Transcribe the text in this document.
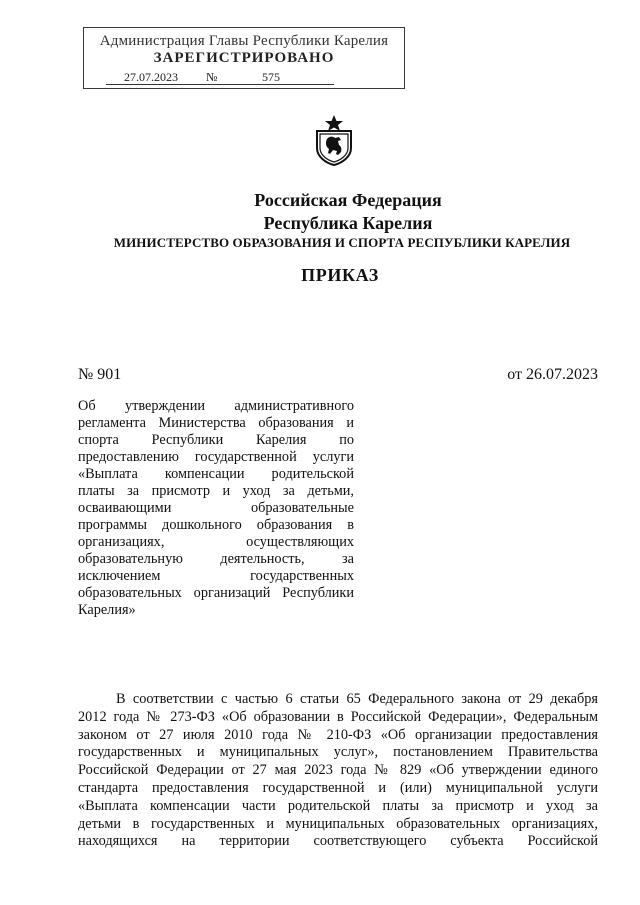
Администрация Главы Республики Карелия
ЗАРЕГИСТРИРОВАНО
27.07.2023 №	575
Российская Федерация
Республика Карелия
МИНИСТЕРСТВО ОБРАЗОВАНИЯ И СПОРТА РЕСПУБЛИКИ КАРЕЛИЯ
ПРИКАЗ
№ 901	от 26.07.2023
Об утверждении административного
регламента Министерства образования и
спорта Республики Карелия по
предоставлению государственной услуги
«Выплата компенсации родительской
платы за присмотр и уход за детьми,
осваивающими образовательные
программы дошкольного образования в
организациях, осуществляющих
образовательную деятельность, за
исключением государственных
образовательных организаций Республики
Карелия»
В соответствии с частью 6 статьи 65 Федерального закона от 29 декабря
2012 года № 273-ФЗ «Об образовании в Российской Федерации», Федеральным
законом от 27 июля 2010 года № 210-ФЗ «Об организации предоставления
государственных и муниципальных услуг», постановлением Правительства
Российской Федерации от 27 мая 2023 года № 829 «Об утверждении единого
стандарта предоставления государственной и (или) муниципальной услуги
«Выплата компенсации части родительской платы за присмотр и уход за
детьми в государственных и муниципальных образовательных организациях,
находящихся на территории соответствующего субъекта Российской
